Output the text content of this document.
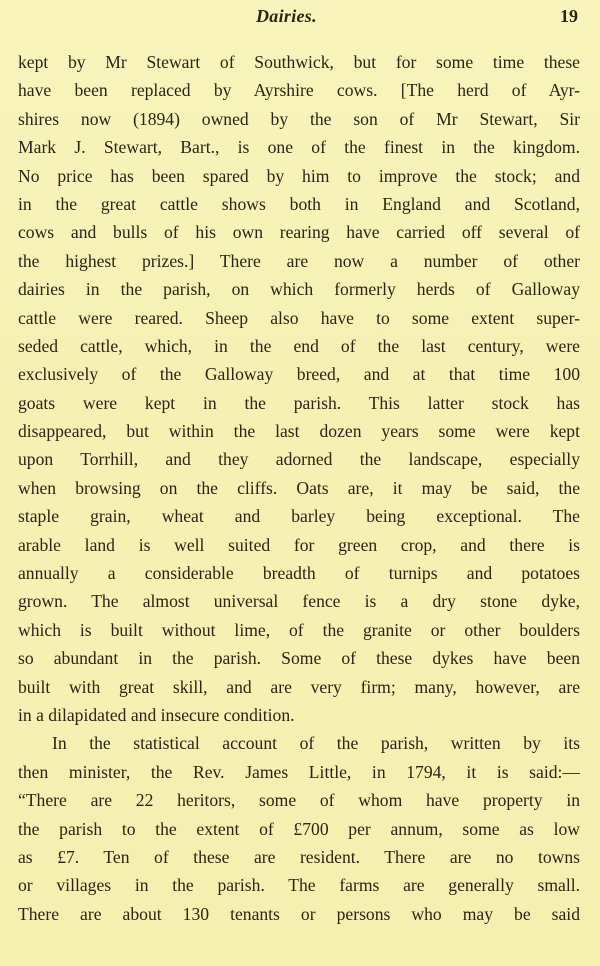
Dairies.	19
kept by Mr Stewart of Southwick, but for some time these
have been replaced by Ayrshire cows. [The herd of Ayr-
shires now (1894) owned by the son of Mr Stewart, Sir
Mark J. Stewart, Bart., is one of the finest in the kingdom.
No price has been spared by him to improve the stock; and
in the great cattle shows both in England and Scotland,
cows and bulls of his own rearing have carried off several of
the highest prizes.] There are now a number of other
dairies in the parish, on which formerly herds of Galloway
cattle were reared. Sheep also have to some extent super-
seded cattle, which, in the end of the last century, were
exclusively of the Galloway breed, and at that time 100
goats were kept in the parish. This latter stock has
disappeared, but within the last dozen years some were kept
upon Torrhill, and they adorned the landscape, especially
when browsing on the cliffs. Oats are, it may be said, the
staple grain, wheat and barley being exceptional. The
arable land is well suited for green crop, and there is
annually a considerable breadth of turnips and potatoes
grown. The almost universal fence is a dry stone dyke,
which is built without lime, of the granite or other boulders
so abundant in the parish. Some of these dykes have been
built with great skill, and are very firm; many, however, are
in a dilapidated and insecure condition.
In the statistical account of the parish, written by its
then minister, the Rev. James Little, in 1794, it is said:—
“There are 22 heritors, some of whom have property in
the parish to the extent of £700 per annum, some as low
as £7. Ten of these are resident. There are no towns
or villages in the parish. The farms are generally small.
There are about 130 tenants or persons who may be said
